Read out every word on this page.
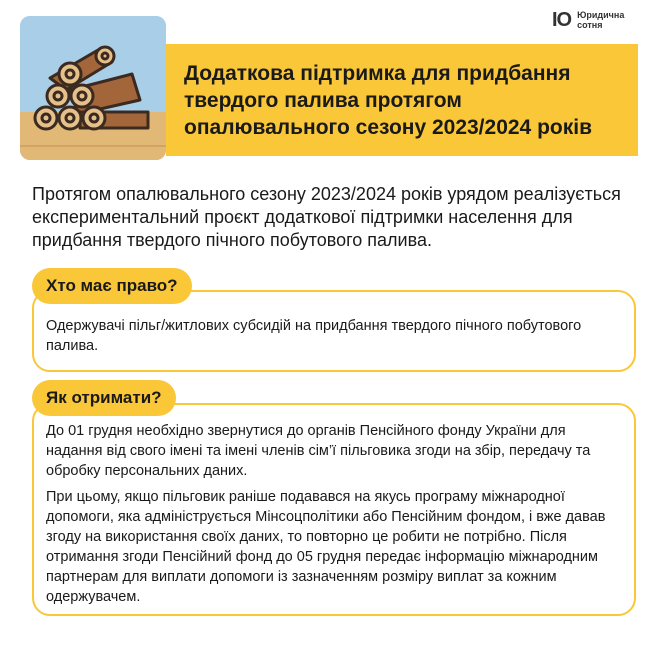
IO Юридична
сотня
Додаткова підтримка для придбання
твердого палива протягом
опалювального сезону 2023/2024 років
Протягом опалювального сезону 2023/2024 років урядом реалізується експериментальний проєкт додаткової підтримки населення для придбання твердого пічного побутового палива.

Одержувачі пільг/житлових субсидій на придбання твердого пічного побутового палива.

Хто має право?

До 01 грудня необхідно звернутися до органів Пенсійного фонду України для надання від свого імені та імені членів сім’ї пільговика згоди на збір, передачу та обробку персональних даних.

При цьому, якщо пільговик раніше подавався на якусь програму міжнародної допомоги, яка адмініструється Мінсоцполітики або Пенсійним фондом, і вже давав згоду на використання своїх даних, то повторно це робити не потрібно. Після отримання згоди Пенсійний фонд до 05 грудня передає інформацію міжнародним партнерам для виплати допомоги із зазначенням розміру виплат за кожним одержувачем.

Як отримати?
